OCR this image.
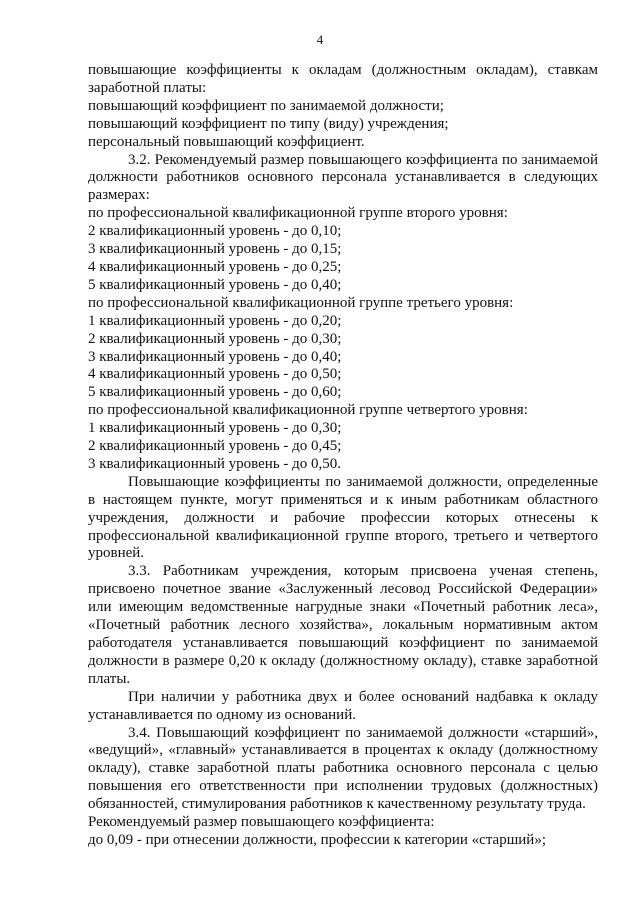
4

повышающие коэффициенты к окладам (должностным окладам), ставкам заработной платы:

повышающий коэффициент по занимаемой должности;

повышающий коэффициент по типу (виду) учреждения;

персональный повышающий коэффициент.

3.2. Рекомендуемый размер повышающего коэффициента по занимаемой должности работников основного персонала устанавливается в следующих размерах:

по профессиональной квалификационной группе второго уровня:

2 квалификационный уровень - до 0,10;

3 квалификационный уровень - до 0,15;

4 квалификационный уровень - до 0,25;

5 квалификационный уровень - до 0,40;

по профессиональной квалификационной группе третьего уровня:

1 квалификационный уровень - до 0,20;

2 квалификационный уровень - до 0,30;

3 квалификационный уровень - до 0,40;

4 квалификационный уровень - до 0,50;

5 квалификационный уровень - до 0,60;

по профессиональной квалификационной группе четвертого уровня:

1 квалификационный уровень - до 0,30;

2 квалификационный уровень - до 0,45;

3 квалификационный уровень - до 0,50.

Повышающие коэффициенты по занимаемой должности, определенные в настоящем пункте, могут применяться и к иным работникам областного учреждения, должности и рабочие профессии которых отнесены к профессиональной квалификационной группе второго, третьего и четвертого уровней.

3.3. Работникам учреждения, которым присвоена ученая степень, присвоено почетное звание «Заслуженный лесовод Российской Федерации» или имеющим ведомственные нагрудные знаки «Почетный работник леса», «Почетный работник лесного хозяйства», локальным нормативным актом работодателя устанавливается повышающий коэффициент по занимаемой должности в размере 0,20 к окладу (должностному окладу), ставке заработной платы.

При наличии у работника двух и более оснований надбавка к окладу устанавливается по одному из оснований.

3.4. Повышающий коэффициент по занимаемой должности «старший», «ведущий», «главный» устанавливается в процентах к окладу (должностному окладу), ставке заработной платы работника основного персонала с целью повышения его ответственности при исполнении трудовых (должностных) обязанностей, стимулирования работников к качественному результату труда.

Рекомендуемый размер повышающего коэффициента:

до 0,09 - при отнесении должности, профессии к категории «старший»;
